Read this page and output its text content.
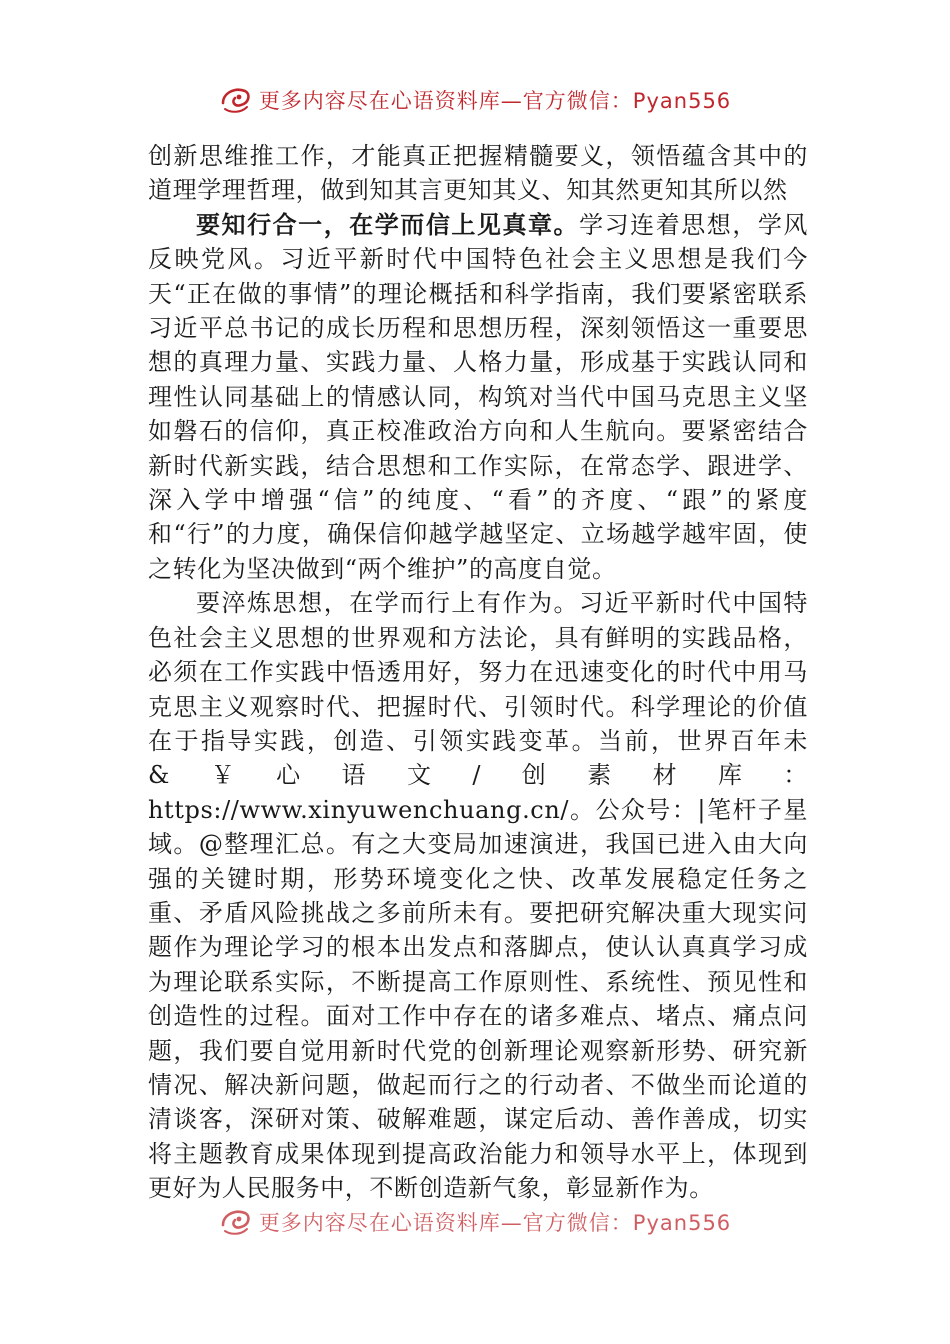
更多内容尽在心语资料库—官方微信：Pyan556

创新思维推工作，才能真正把握精髓要义，领悟蕴含其中的道理学理哲理，做到知其言更知其义、知其然更知其所以然

要知行合一，在学而信上见真章。学习连着思想，学风反映党风。习近平新时代中国特色社会主义思想是我们今天“正在做的事情”的理论概括和科学指南，我们要紧密联系习近平总书记的成长历程和思想历程，深刻领悟这一重要思想的真理力量、实践力量、人格力量，形成基于实践认同和理性认同基础上的情感认同，构筑对当代中国马克思主义坚如磐石的信仰，真正校准政治方向和人生航向。要紧密结合新时代新实践，结合思想和工作实际，在常态学、跟进学、深入学中增强“信”的纯度、“看”的齐度、“跟”的紧度和“行”的力度，确保信仰越学越坚定、立场越学越牢固，使之转化为坚决做到“两个维护”的高度自觉。

要淬炼思想，在学而行上有作为。习近平新时代中国特色社会主义思想的世界观和方法论，具有鲜明的实践品格，必须在工作实践中悟透用好，努力在迅速变化的时代中用马克思主义观察时代、把握时代、引领时代。科学理论的价值在于指导实践，创造、引领实践变革。当前，世界百年未&￥心语文/创素材库：https://www.xinyuwenchuang.cn/。公众号：|笔杆子星域。@整理汇总。有之大变局加速演进，我国已进入由大向强的关键时期，形势环境变化之快、改革发展稳定任务之重、矛盾风险挑战之多前所未有。要把研究解决重大现实问题作为理论学习的根本出发点和落脚点，使认认真真学习成为理论联系实际，不断提高工作原则性、系统性、预见性和创造性的过程。面对工作中存在的诸多难点、堵点、痛点问题，我们要自觉用新时代党的创新理论观察新形势、研究新情况、解决新问题，做起而行之的行动者、不做坐而论道的清谈客，深研对策、破解难题，谋定后动、善作善成，切实将主题教育成果体现到提高政治能力和领导水平上，体现到更好为人民服务中，不断创造新气象，彰显新作为。

更多内容尽在心语资料库—官方微信：Pyan556
